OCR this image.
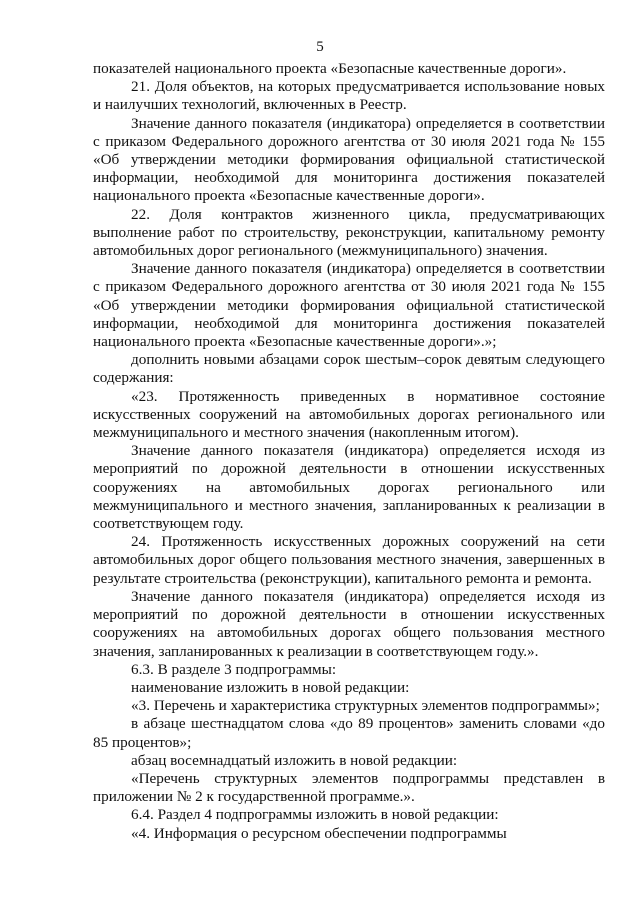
5

показателей национального проекта «Безопасные качественные дороги».

21. Доля объектов, на которых предусматривается использование новых и наилучших технологий, включенных в Реестр.

Значение данного показателя (индикатора) определяется в соответствии с приказом Федерального дорожного агентства от 30 июля 2021 года № 155 «Об утверждении методики формирования официальной статистической информации, необходимой для мониторинга достижения показателей национального проекта «Безопасные качественные дороги».

22. Доля контрактов жизненного цикла, предусматривающих выполнение работ по строительству, реконструкции, капитальному ремонту автомобильных дорог регионального (межмуниципального) значения.

Значение данного показателя (индикатора) определяется в соответствии с приказом Федерального дорожного агентства от 30 июля 2021 года № 155 «Об утверждении методики формирования официальной статистической информации, необходимой для мониторинга достижения показателей национального проекта «Безопасные качественные дороги».»;

дополнить новыми абзацами сорок шестым–сорок девятым следующего содержания:

«23. Протяженность приведенных в нормативное состояние искусственных сооружений на автомобильных дорогах регионального или межмуниципального и местного значения (накопленным итогом).

Значение данного показателя (индикатора) определяется исходя из мероприятий по дорожной деятельности в отношении искусственных сооружениях на автомобильных дорогах регионального или межмуниципального и местного значения, запланированных к реализации в соответствующем году.

24. Протяженность искусственных дорожных сооружений на сети автомобильных дорог общего пользования местного значения, завершенных в результате строительства (реконструкции), капитального ремонта и ремонта.

Значение данного показателя (индикатора) определяется исходя из мероприятий по дорожной деятельности в отношении искусственных сооружениях на автомобильных дорогах общего пользования местного значения, запланированных к реализации в соответствующем году.».

6.3. В разделе 3 подпрограммы:

наименование изложить в новой редакции:

«3. Перечень и характеристика структурных элементов подпрограммы»;

в абзаце шестнадцатом слова «до 89 процентов» заменить словами «до 85 процентов»;

абзац восемнадцатый изложить в новой редакции:

«Перечень структурных элементов подпрограммы представлен в приложении № 2 к государственной программе.».

6.4. Раздел 4 подпрограммы изложить в новой редакции:

«4. Информация о ресурсном обеспечении подпрограммы
